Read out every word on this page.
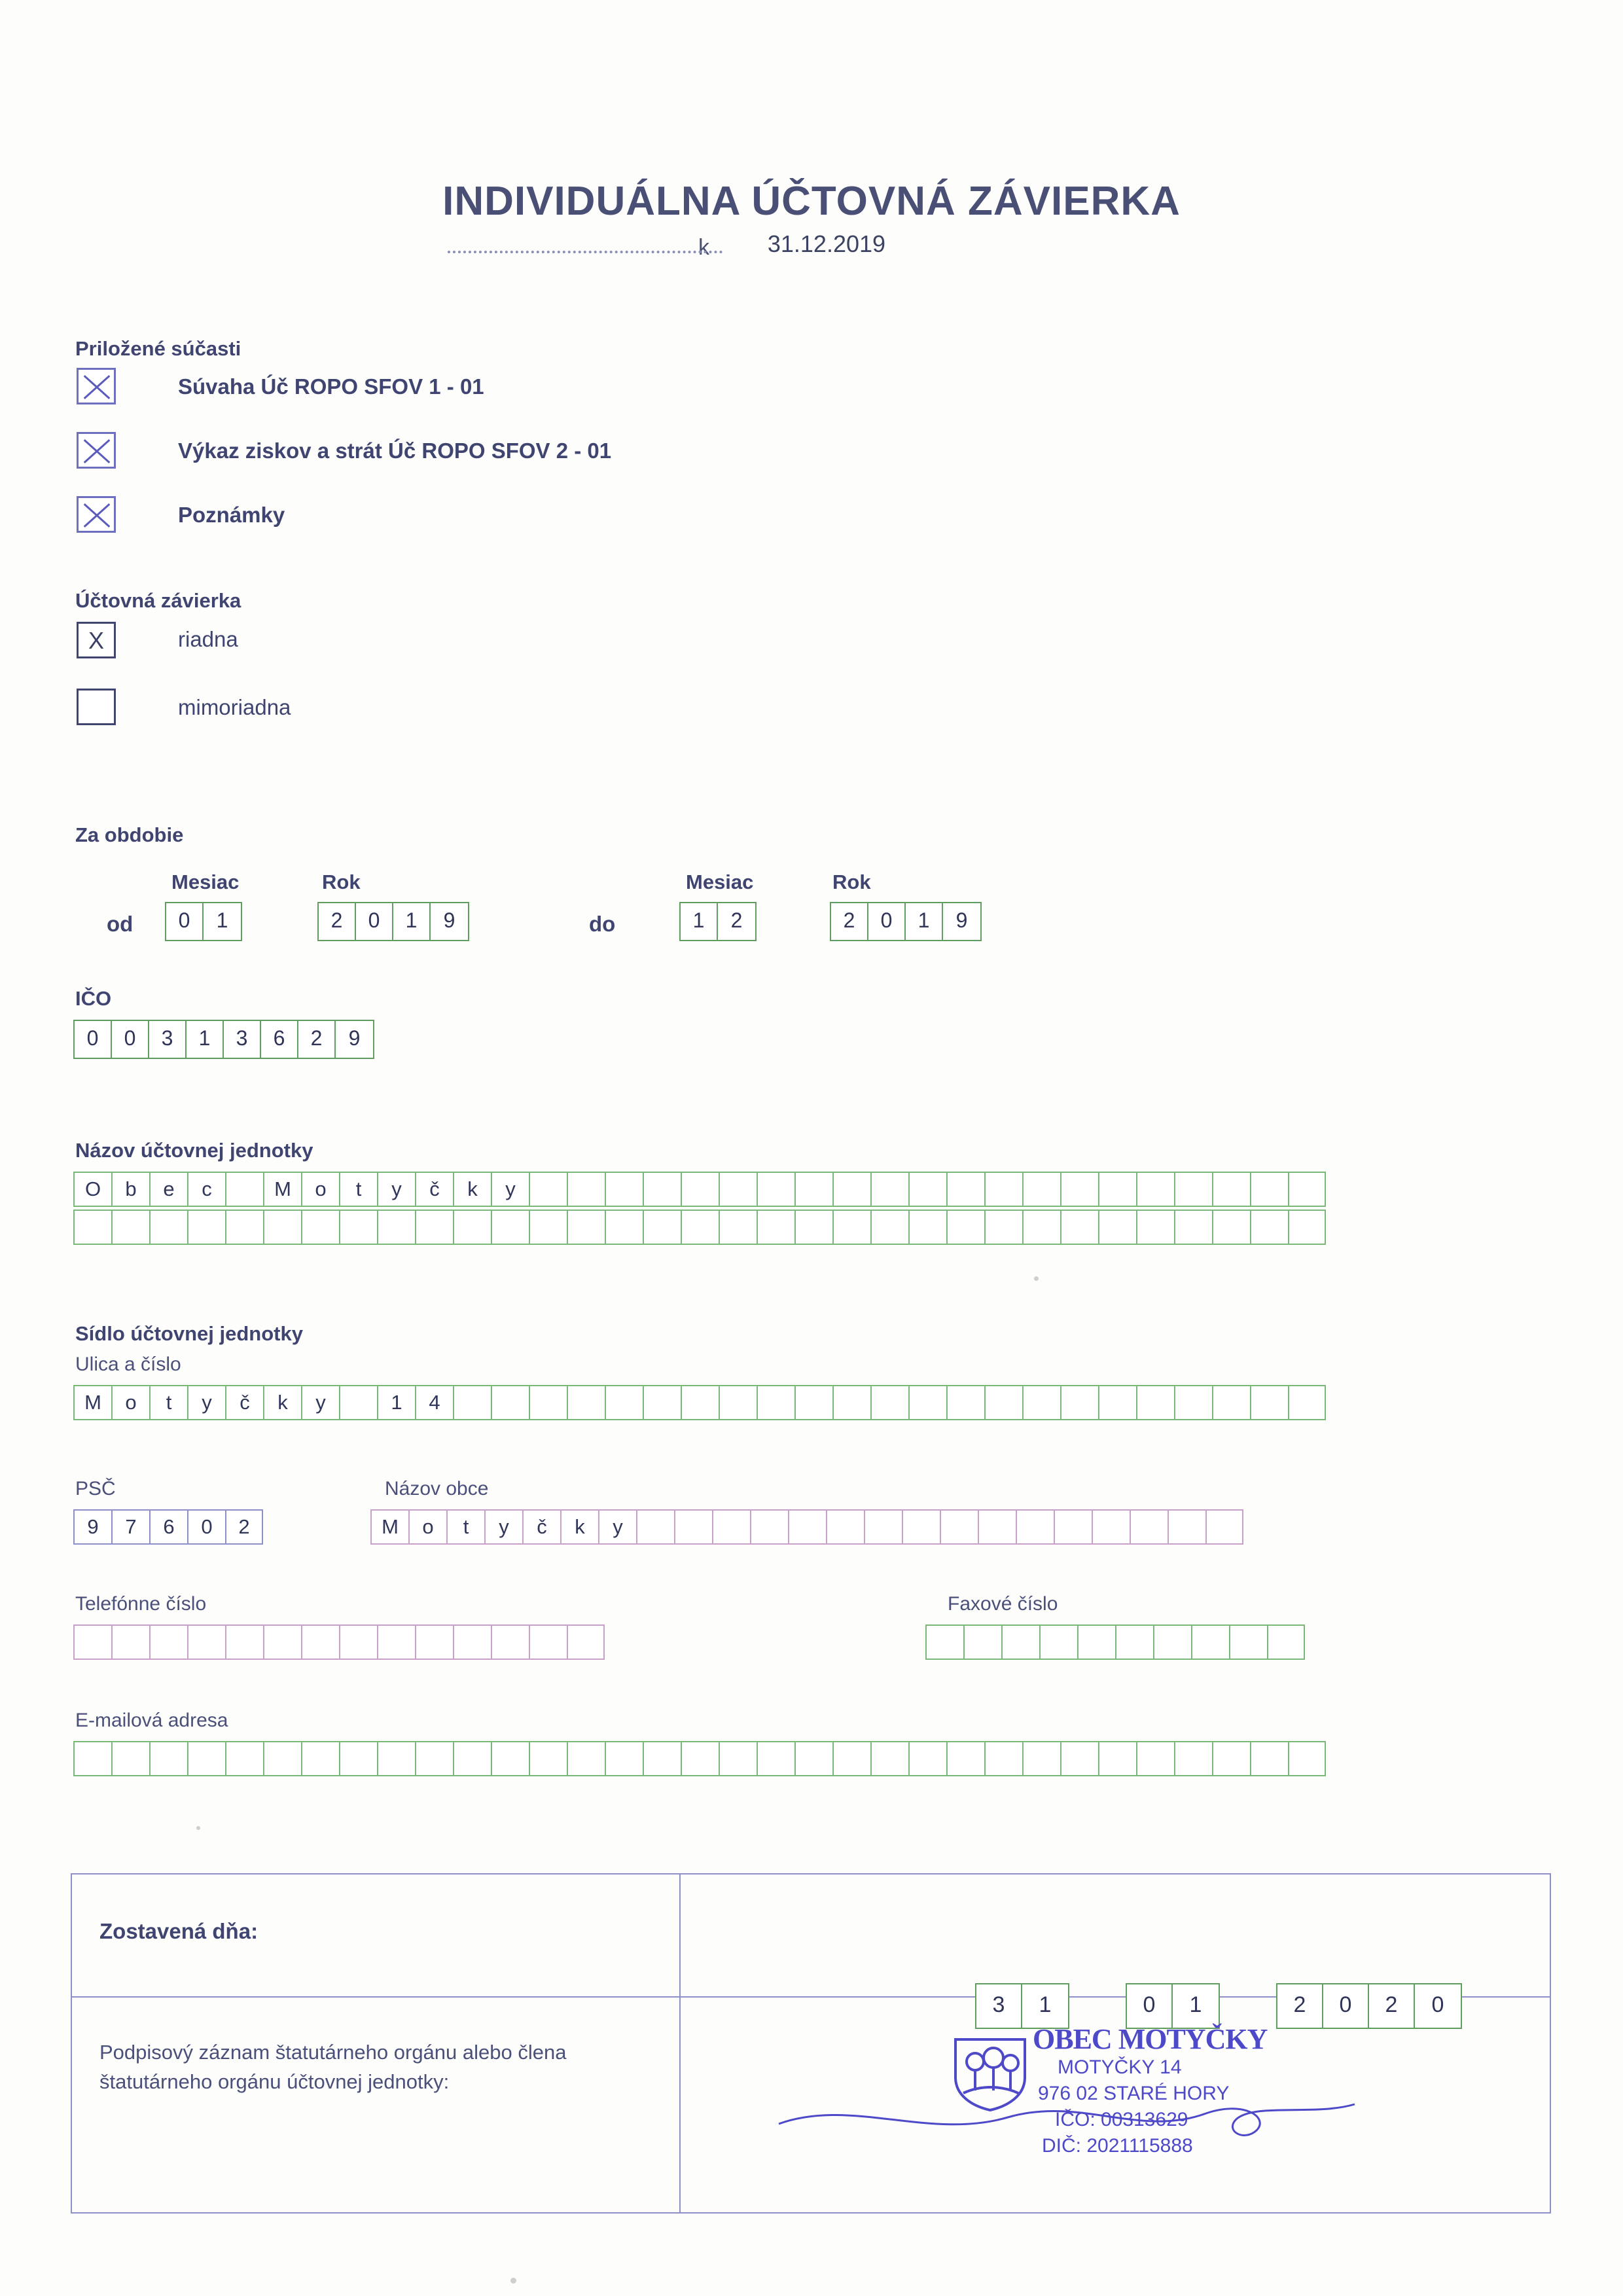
INDIVIDUÁLNA ÚČTOVNÁ ZÁVIERKA
k 31.12.2019
Priložené súčasti
Súvaha Úč ROPO SFOV 1 - 01
Výkaz ziskov a strát Úč ROPO SFOV 2 - 01
Poznámky
Účtovná závierka
X	riadna
mimoriadna
Za obdobie
Mesiac	Rok	Mesiac	Rok
od	0	1	2	0	1	9	do	1	2	2	0	1	9
IČO
0	0	3	1	3	6	2	9
Názov účtovnej jednotky
O	b	e	c	M	o	t	y	č	k	y
Sídlo účtovnej jednotky
Ulica a číslo
M	o	t	y	č	k	y	1	4
PSČ
9	7	6	0	2
Názov obce
M	o	t	y	č	k	y
Telefónne číslo	Faxové číslo
E-mailová adresa
Zostavená dňa:
Podpisový záznam štatutárneho orgánu alebo člena štatutárneho orgánu účtovnej jednotky:
3	1	0	1	2	0	2	0
OBEC MOTYČKY
MOTYČKY 14
976 02 STARÉ HORY
IČO: 00313629
DIČ: 2021115888
